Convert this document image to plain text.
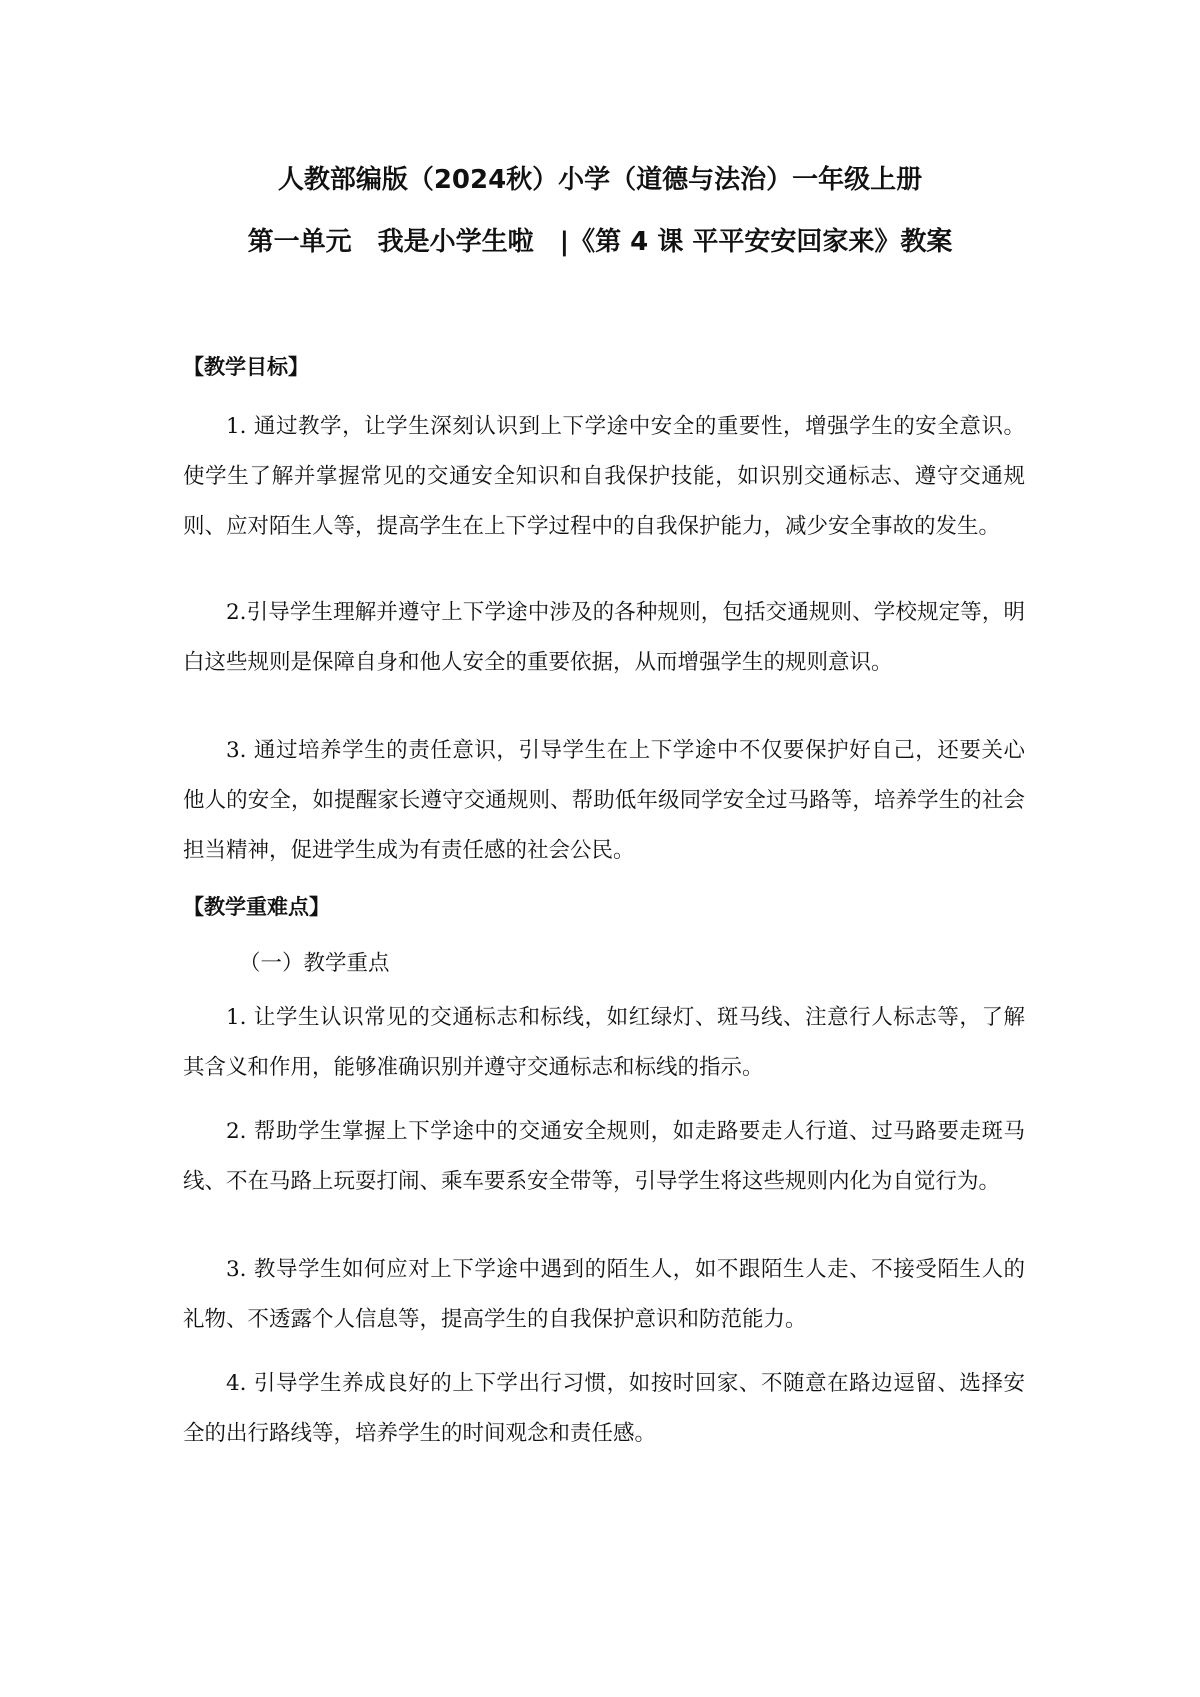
人教部编版（2024秋）小学（道德与法治）一年级上册
第一单元　我是小学生啦　|《第 4 课 平平安安回家来》教案
【教学目标】

1. 通过教学，让学生深刻认识到上下学途中安全的重要性，增强学生的安全意识。使学生了解并掌握常见的交通安全知识和自我保护技能，如识别交通标志、遵守交通规则、应对陌生人等，提高学生在上下学过程中的自我保护能力，减少安全事故的发生。

2.引导学生理解并遵守上下学途中涉及的各种规则，包括交通规则、学校规定等，明白这些规则是保障自身和他人安全的重要依据，从而增强学生的规则意识。

3. 通过培养学生的责任意识，引导学生在上下学途中不仅要保护好自己，还要关心他人的安全，如提醒家长遵守交通规则、帮助低年级同学安全过马路等，培养学生的社会担当精神，促进学生成为有责任感的社会公民。

【教学重难点】
（一）教学重点

1. 让学生认识常见的交通标志和标线，如红绿灯、斑马线、注意行人标志等，了解其含义和作用，能够准确识别并遵守交通标志和标线的指示。

2. 帮助学生掌握上下学途中的交通安全规则，如走路要走人行道、过马路要走斑马线、不在马路上玩耍打闹、乘车要系安全带等，引导学生将这些规则内化为自觉行为。

3. 教导学生如何应对上下学途中遇到的陌生人，如不跟陌生人走、不接受陌生人的礼物、不透露个人信息等，提高学生的自我保护意识和防范能力。

4. 引导学生养成良好的上下学出行习惯，如按时回家、不随意在路边逗留、选择安全的出行路线等，培养学生的时间观念和责任感。
